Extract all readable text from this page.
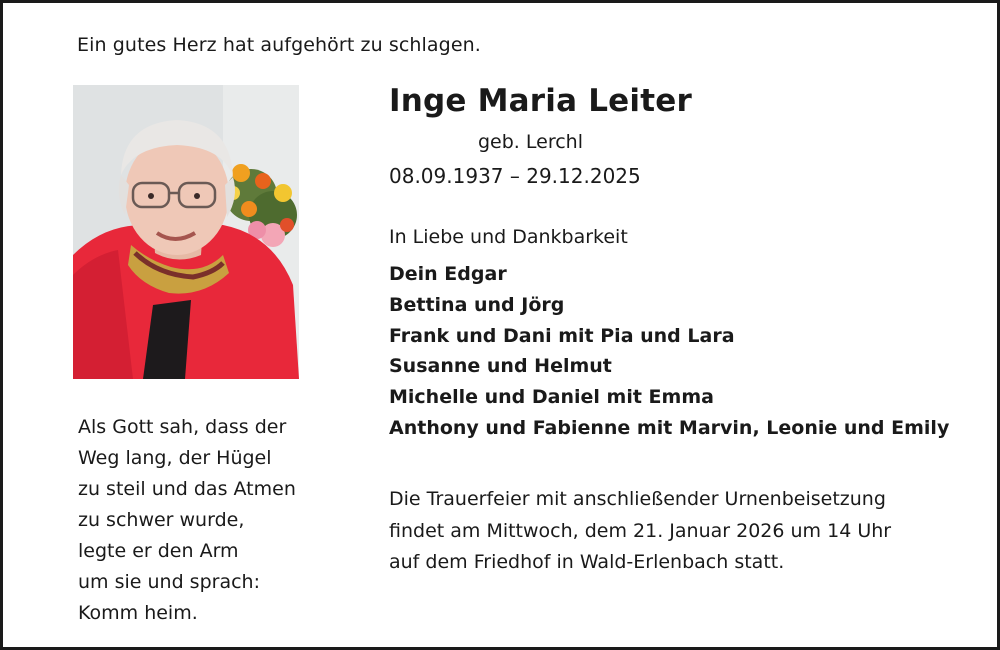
Ein gutes Herz hat aufgehört zu schlagen.
Inge Maria Leiter
geb. Lerchl
08.09.1937 – 29.12.2025
In Liebe und Dankbarkeit
Dein Edgar
Bettina und Jörg
Frank und Dani mit Pia und Lara
Susanne und Helmut
Michelle und Daniel mit Emma
Anthony und Fabienne mit Marvin, Leonie und Emily
Als Gott sah, dass der
Weg lang, der Hügel
zu steil und das Atmen
zu schwer wurde,
legte er den Arm
um sie und sprach:
Komm heim.
Die Trauerfeier mit anschließender Urnenbeisetzung
findet am Mittwoch, dem 21. Januar 2026 um 14 Uhr
auf dem Friedhof in Wald-Erlenbach statt.
